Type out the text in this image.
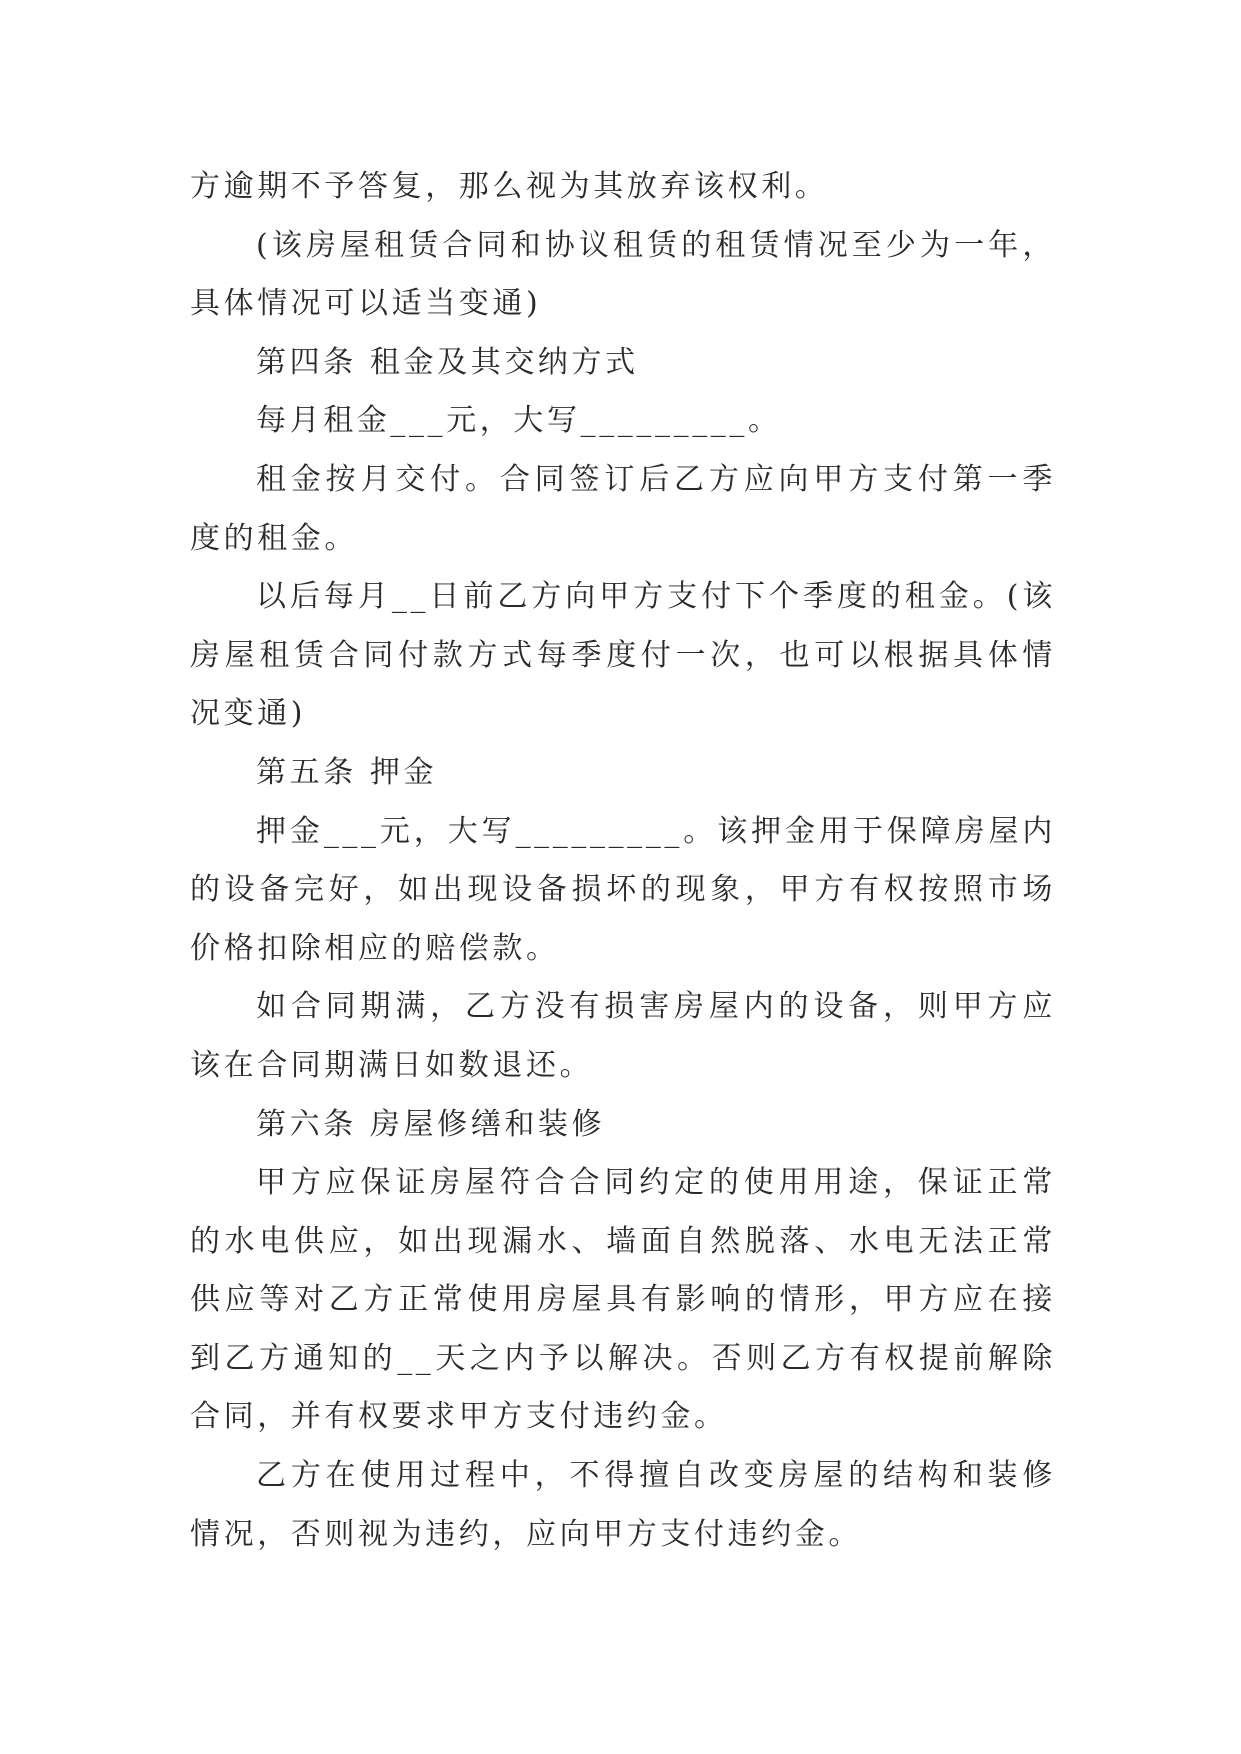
方逾期不予答复，那么视为其放弃该权利。

(该房屋租赁合同和协议租赁的租赁情况至少为一年，具体情况可以适当变通)

第四条 租金及其交纳方式

每月租金___元，大写_________。

租金按月交付。合同签订后乙方应向甲方支付第一季度的租金。

以后每月__日前乙方向甲方支付下个季度的租金。(该房屋租赁合同付款方式每季度付一次，也可以根据具体情况变通)

第五条 押金

押金___元，大写_________。该押金用于保障房屋内的设备完好，如出现设备损坏的现象，甲方有权按照市场价格扣除相应的赔偿款。

如合同期满，乙方没有损害房屋内的设备，则甲方应该在合同期满日如数退还。

第六条 房屋修缮和装修

甲方应保证房屋符合合同约定的使用用途，保证正常的水电供应，如出现漏水、墙面自然脱落、水电无法正常供应等对乙方正常使用房屋具有影响的情形，甲方应在接到乙方通知的__天之内予以解决。否则乙方有权提前解除合同，并有权要求甲方支付违约金。

乙方在使用过程中，不得擅自改变房屋的结构和装修情况，否则视为违约，应向甲方支付违约金。
